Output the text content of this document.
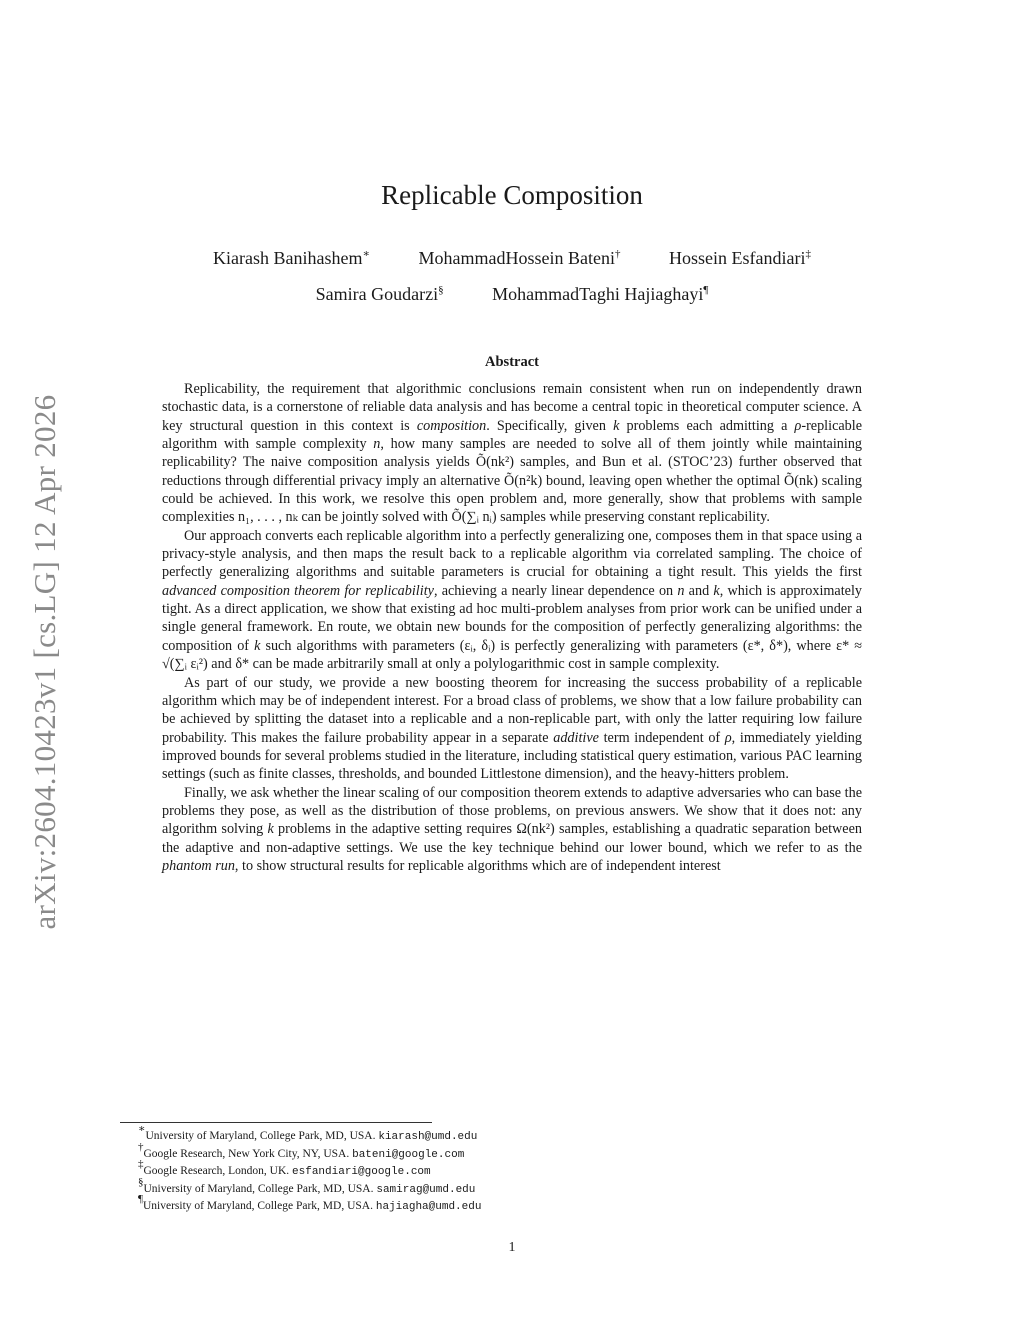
arXiv:2604.10423v1 [cs.LG] 12 Apr 2026
Replicable Composition
Kiarash Banihashem∗	MohammadHossein Bateni†	Hossein Esfandiari‡
Samira Goudarzi§	MohammadTaghi Hajiaghayi¶
Abstract

Replicability, the requirement that algorithmic conclusions remain consistent when run on independently drawn stochastic data, is a cornerstone of reliable data analysis and has become a central topic in theoretical computer science. A key structural question in this context is composition. Specifically, given k problems each admitting a ρ-replicable algorithm with sample complexity n, how many samples are needed to solve all of them jointly while maintaining replicability? The naive composition analysis yields Õ(nk²) samples, and Bun et al. (STOC’23) further observed that reductions through differential privacy imply an alternative Õ(n²k) bound, leaving open whether the optimal Õ(nk) scaling could be achieved. In this work, we resolve this open problem and, more generally, show that problems with sample complexities n₁, . . . , nₖ can be jointly solved with Õ(∑ᵢ nᵢ) samples while preserving constant replicability.

Our approach converts each replicable algorithm into a perfectly generalizing one, composes them in that space using a privacy-style analysis, and then maps the result back to a replicable algorithm via correlated sampling. The choice of perfectly generalizing algorithms and suitable parameters is crucial for obtaining a tight result. This yields the first advanced composition theorem for replicability, achieving a nearly linear dependence on n and k, which is approximately tight. As a direct application, we show that existing ad hoc multi-problem analyses from prior work can be unified under a single general framework. En route, we obtain new bounds for the composition of perfectly generalizing algorithms: the composition of k such algorithms with parameters (εᵢ, δᵢ) is perfectly generalizing with parameters (ε*, δ*), where ε* ≈ √(∑ᵢ εᵢ²) and δ* can be made arbitrarily small at only a polylogarithmic cost in sample complexity.

As part of our study, we provide a new boosting theorem for increasing the success probability of a replicable algorithm which may be of independent interest. For a broad class of problems, we show that a low failure probability can be achieved by splitting the dataset into a replicable and a non-replicable part, with only the latter requiring low failure probability. This makes the failure probability appear in a separate additive term independent of ρ, immediately yielding improved bounds for several problems studied in the literature, including statistical query estimation, various PAC learning settings (such as finite classes, thresholds, and bounded Littlestone dimension), and the heavy-hitters problem.

Finally, we ask whether the linear scaling of our composition theorem extends to adaptive adversaries who can base the problems they pose, as well as the distribution of those problems, on previous answers. We show that it does not: any algorithm solving k problems in the adaptive setting requires Ω(nk²) samples, establishing a quadratic separation between the adaptive and non-adaptive settings. We use the key technique behind our lower bound, which we refer to as the phantom run, to show structural results for replicable algorithms which are of independent interest

∗University of Maryland, College Park, MD, USA. kiarash@umd.edu
†Google Research, New York City, NY, USA. bateni@google.com
‡Google Research, London, UK. esfandiari@google.com
§University of Maryland, College Park, MD, USA. samirag@umd.edu
¶University of Maryland, College Park, MD, USA. hajiagha@umd.edu
1
